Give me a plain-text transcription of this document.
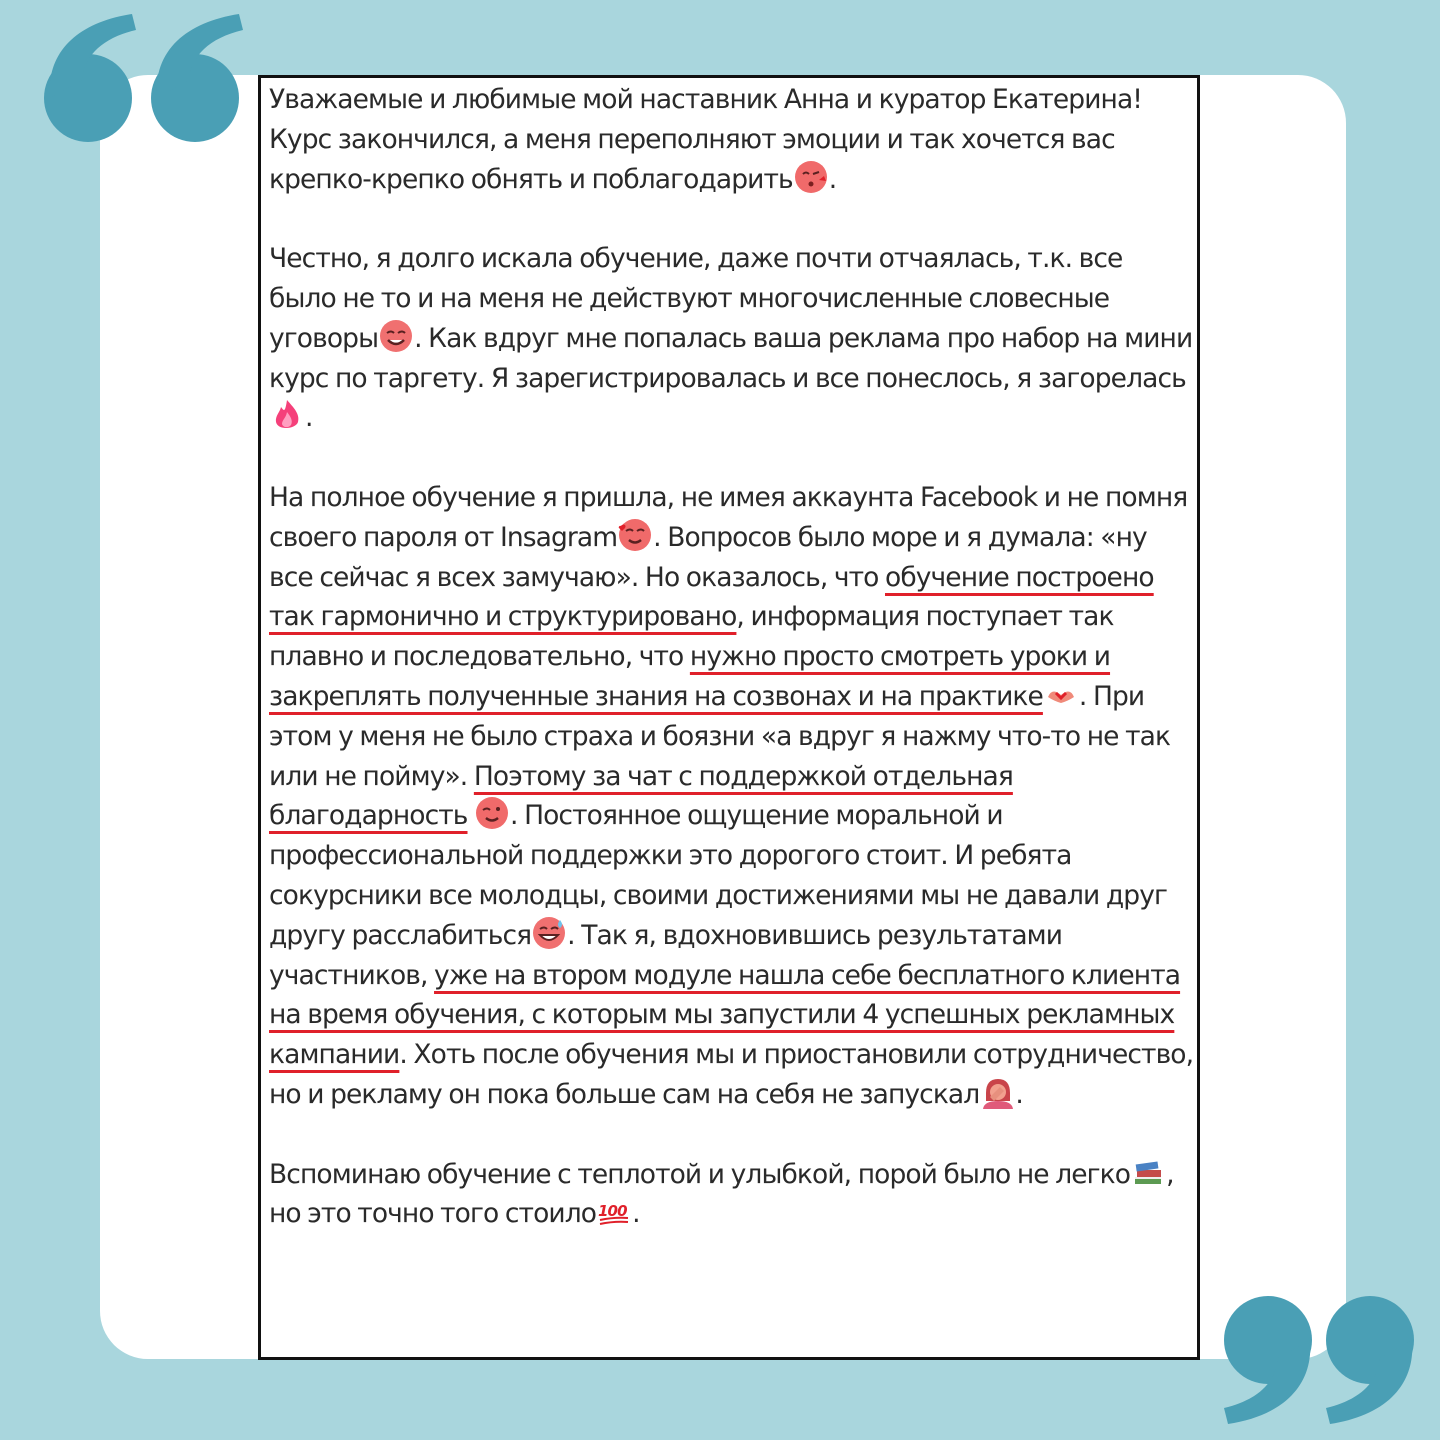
Уважаемые и любимые мой наставник Анна и куратор Екатерина!
Курс закончился, а меня переполняют эмоции и так хочется вас крепко-крепко обнять и поблагодарить .

Честно, я долго искала обучение, даже почти отчаялась, т.к. все было не то и на меня не действуют многочисленные словесные уговоры . Как вдруг мне попалась ваша реклама про набор на мини курс по таргету. Я зарегистрировалась и все понеслось, я загорелась.

На полное обучение я пришла, не имея аккаунта Facebook и не помня своего пароля от Insagram . Вопросов было море и я думала: «ну все сейчас я всех замучаю». Но оказалось, что обучение построено так гармонично и структурировано, информация поступает так плавно и последовательно, что нужно просто смотреть уроки и закреплять полученные знания на созвонах и на практике . При этом у меня не было страха и боязни «а вдруг я нажму что-то не так или не пойму». Поэтому за чат с поддержкой отдельная благодарность . Постоянное ощущение моральной и профессиональной поддержки это дорогого стоит. И ребята сокурсники все молодцы, своими достижениями мы не давали друг другу расслабиться . Так я, вдохновившись результатами участников, уже на втором модуле нашла себе бесплатного клиента на время обучения, с которым мы запустили 4 успешных рекламных кампании. Хоть после обучения мы и приостановили сотрудничество, но и рекламу он пока больше сам на себя не запускал .

Вспоминаю обучение с теплотой и улыбкой, порой было не легко , но это точно того стоило 100 .
